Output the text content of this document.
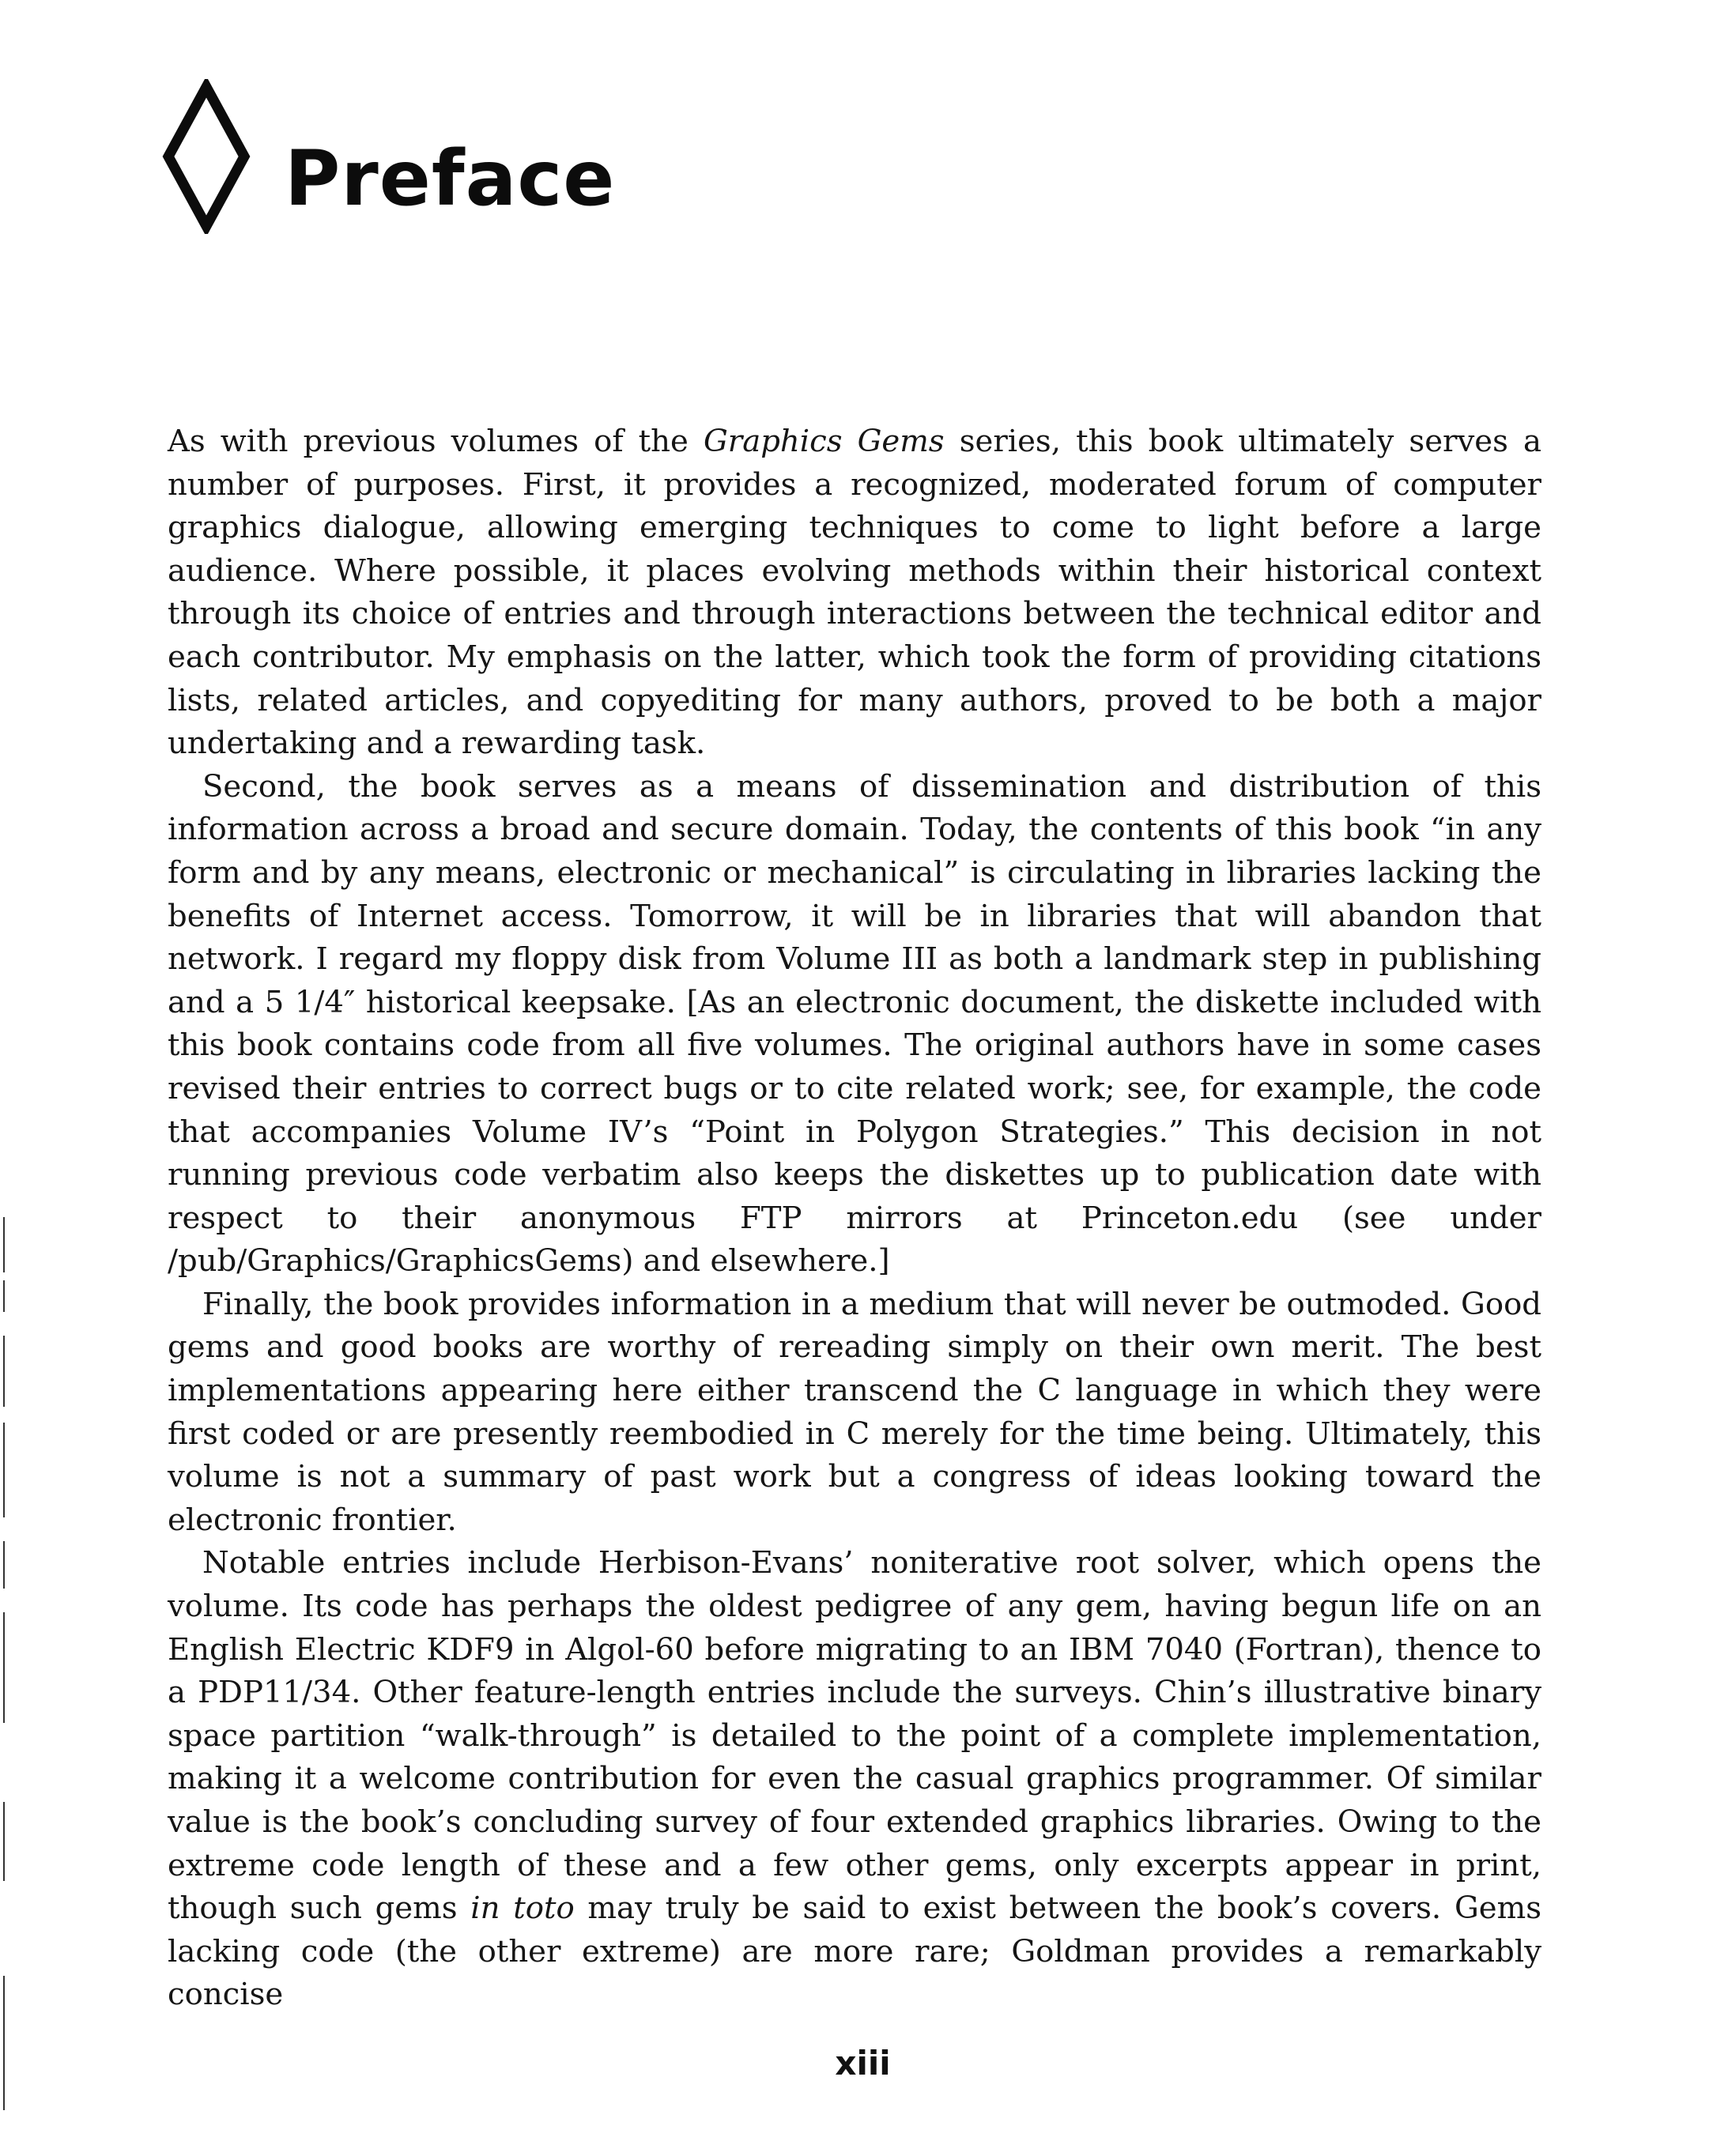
Preface

As with previous volumes of the Graphics Gems series, this book ultimately serves a number of purposes. First, it provides a recognized, moderated forum of computer graphics dialogue, allowing emerging techniques to come to light before a large audience. Where possible, it places evolving methods within their historical context through its choice of entries and through interactions between the technical editor and each contributor. My emphasis on the latter, which took the form of providing citations lists, related articles, and copyediting for many authors, proved to be both a major undertaking and a rewarding task.

Second, the book serves as a means of dissemination and distribution of this information across a broad and secure domain. Today, the contents of this book “in any form and by any means, electronic or mechanical” is circulating in libraries lacking the benefits of Internet access. Tomorrow, it will be in libraries that will abandon that network. I regard my floppy disk from Volume III as both a landmark step in publishing and a 5 1/4″ historical keepsake. [As an electronic document, the diskette included with this book contains code from all five volumes. The original authors have in some cases revised their entries to correct bugs or to cite related work; see, for example, the code that accompanies Volume IV’s “Point in Polygon Strategies.” This decision in not running previous code verbatim also keeps the diskettes up to publication date with respect to their anonymous FTP mirrors at Princeton.edu (see under /pub/Graphics/GraphicsGems) and elsewhere.]

Finally, the book provides information in a medium that will never be outmoded. Good gems and good books are worthy of rereading simply on their own merit. The best implementations appearing here either transcend the C language in which they were first coded or are presently reembodied in C merely for the time being. Ultimately, this volume is not a summary of past work but a congress of ideas looking toward the electronic frontier.

Notable entries include Herbison-Evans’ noniterative root solver, which opens the volume. Its code has perhaps the oldest pedigree of any gem, having begun life on an English Electric KDF9 in Algol-60 before migrating to an IBM 7040 (Fortran), thence to a PDP11/34. Other feature-length entries include the surveys. Chin’s illustrative binary space partition “walk-through” is detailed to the point of a complete implementation, making it a welcome contribution for even the casual graphics programmer. Of similar value is the book’s concluding survey of four extended graphics libraries. Owing to the extreme code length of these and a few other gems, only excerpts appear in print, though such gems in toto may truly be said to exist between the book’s covers. Gems lacking code (the other extreme) are more rare; Goldman provides a remarkably concise

xiii
